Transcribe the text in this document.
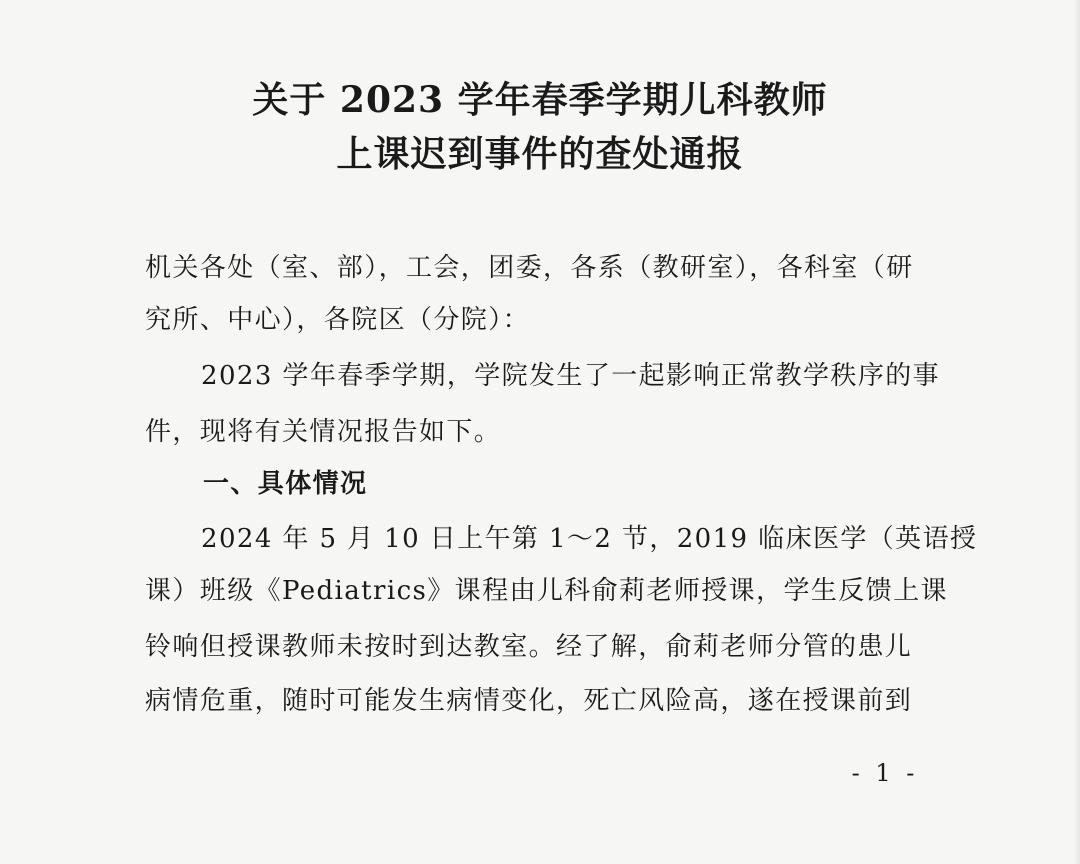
关于 2023 学年春季学期儿科教师
上课迟到事件的查处通报
机关各处（室、部），工会，团委，各系（教研室），各科室（研
究所、中心），各院区（分院）：
2023 学年春季学期，学院发生了一起影响正常教学秩序的事
件，现将有关情况报告如下。
一、具体情况
2024 年 5 月 10 日上午第 1～2 节，2019 临床医学（英语授
课）班级《Pediatrics》课程由儿科俞莉老师授课，学生反馈上课
铃响但授课教师未按时到达教室。经了解，俞莉老师分管的患儿
病情危重，随时可能发生病情变化，死亡风险高，遂在授课前到
- 1 -
